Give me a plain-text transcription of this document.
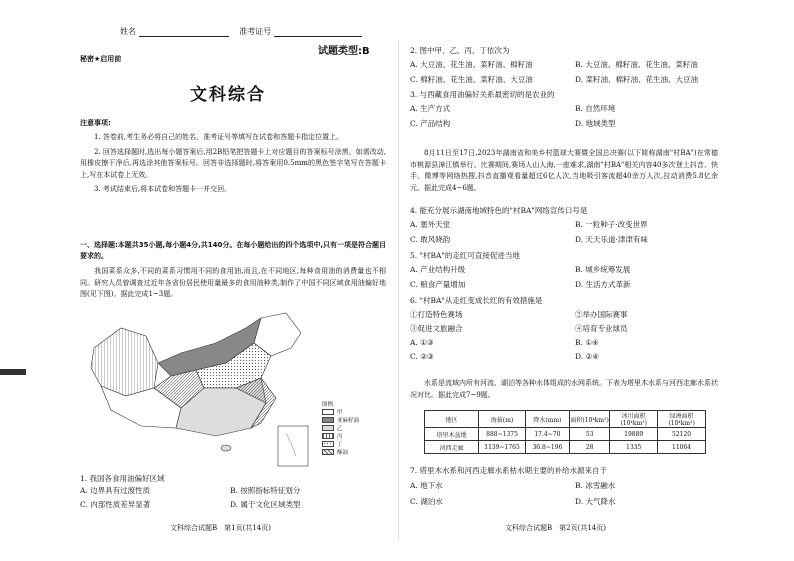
姓名	准考证号
秘密★启用前
试题类型:B
文科综合
注意事项:
1. 答卷前,考生务必将自己的姓名、准考证号等填写在试卷和答题卡指定位置上。
2. 回答选择题时,选出每小题答案后,用2B铅笔把答题卡上对应题目的答案标号涂黑。如需改动,用橡皮擦干净后,再选涂其他答案标号。回答非选择题时,将答案用0.5mm的黑色签字笔写在答题卡上,写在本试卷上无效。
3. 考试结束后,将本试卷和答题卡一并交回。
一、选择题:本题共35小题,每小题4分,共140分。在每小题给出的四个选项中,只有一项是符合题目要求的。
我国菜系众多,不同的菜系习惯用不同的食用油,而且,在不同地区,每种食用油的消费量也不相同。研究人员曾调查过近年各省份居民使用量最多的食用油种类,制作了中国不同区域食用油偏好地图(见下图)。据此完成1~3题。
图例
甲
亚麻籽油
乙
丙
丁
酥油
1. 我国各食用油偏好区域
A. 边界具有过渡性质	B. 按照指标特征划分
C. 内部性质差异显著	D. 属于文化区域类型
文科综合试题B　第1页(共14页)
2. 图中甲、乙、丙、丁依次为
A. 大豆油、花生油、菜籽油、棉籽油	B. 大豆油、棉籽油、花生油、菜籽油
C. 棉籽油、花生油、菜籽油、大豆油	D. 菜籽油、棉籽油、花生油、大豆油
3. 与西藏食用油偏好关系最密切的是农业的
A. 生产方式	B. 自然环境
C. 产品结构	D. 地域类型
8月11日至17日,2023年湖南省和美乡村篮球大赛暨全国总决赛(以下简称湖南"村BA")在常德市桃源县漳江镇举行。比赛期间,赛场人山人海,一座难求,湖南"村BA"相关内容40多次登上抖音、快手、微博等网络热搜,抖音直播观看量超过6亿人次,当地吸引客流超40余万人次,拉动消费5.8亿余元。据此完成4~6题。
4. 能充分展示湖南地域特色的"村BA"网络宣传口号是
A. 塞外天堂	B. 一粒种子·改变世界
C. 敢风晓韵	D. 天天乐道·津津有味
5. "村BA"的走红可直接促进当地
A. 产业结构升级	B. 城乡统筹发展
C. 粮食产量增加	D. 生活方式革新
6. "村BA"从走红变成长红的有效措施是
①打造特色赛场	②举办国际赛事
③促进文旅融合	④培育专业球员
A. ①③	B. ①④
C. ②③	D. ②④
水系是流域内所有河流、湖泊等各种水体组成的水网系统。下表为塔里木水系与河西走廊水系状况对比。据此完成7~9题。
地区	海拔(m)	降水(mm)	面积(10⁴km²)	冰川面积(10⁴km²)	绿洲面积(10⁴km²)
塔里木盆地	888~1375	17.4~70	53	19889	52120
河西走廊	1139~1765	36.8~196	28	1335	11064
7. 塔里木水系和河西走廊水系枯水期主要的补给水源来自于
A. 地下水	B. 冰雪融水
C. 湖泊水	D. 大气降水
文科综合试题B　第2页(共14页)
